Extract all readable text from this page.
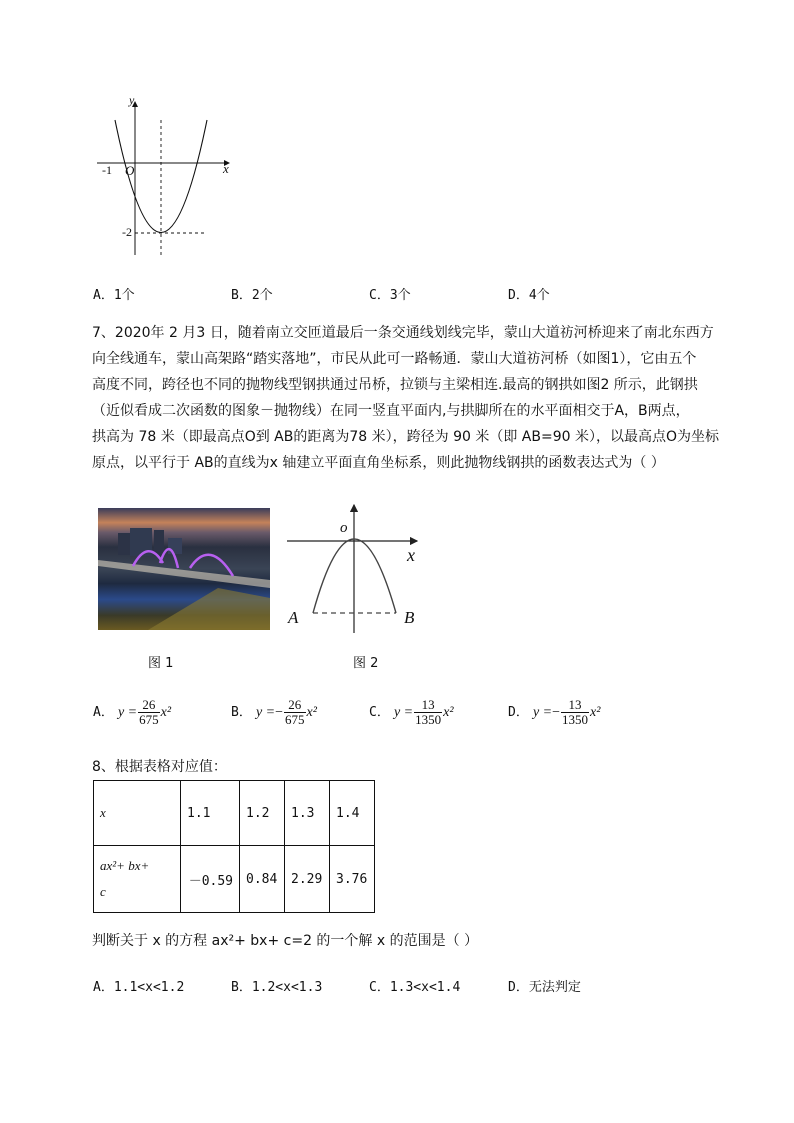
y
x
O
-1
-2
A．1个	B．2个	C．3个	D．4个
7、2020年 2 月3 日，随着南立交匝道最后一条交通线划线完毕，蒙山大道祊河桥迎来了南北东西方
向全线通车，蒙山高架路“踏实落地”，市民从此可一路畅通．蒙山大道祊河桥（如图1），它由五个
高度不同，跨径也不同的抛物线型钢拱通过吊桥，拉锁与主梁相连.最高的钢拱如图2 所示，此钢拱
（近似看成二次函数的图象－抛物线）在同一竖直平面内,与拱脚所在的水平面相交于A，B两点，
拱高为 78 米（即最高点O到 AB的距离为78 米），跨径为 90 米（即 AB=90 米），以最高点O为坐标
原点，以平行于 AB的直线为x 轴建立平面直角坐标系，则此抛物线钢拱的函数表达式为（ ）
图 1
o
x
A	B
图 2
A． $y = \frac{26}{675} x^2$	B． $y =- \frac{26}{675} x^2$	C． $y = \frac{13}{1350} x^2$	D． $y =- \frac{13}{1350} x^2$
8、根据表格对应值：
x	1.1	1.2	1.3	1.4

ax²+ bx+
c	－0.59	0.84	2.29	3.76
判断关于 x 的方程 ax²+ bx+ c=2 的一个解 x 的范围是（ ）
A．1.1<x<1.2	B．1.2<x<1.3	C．1.3<x<1.4	D．无法判定
